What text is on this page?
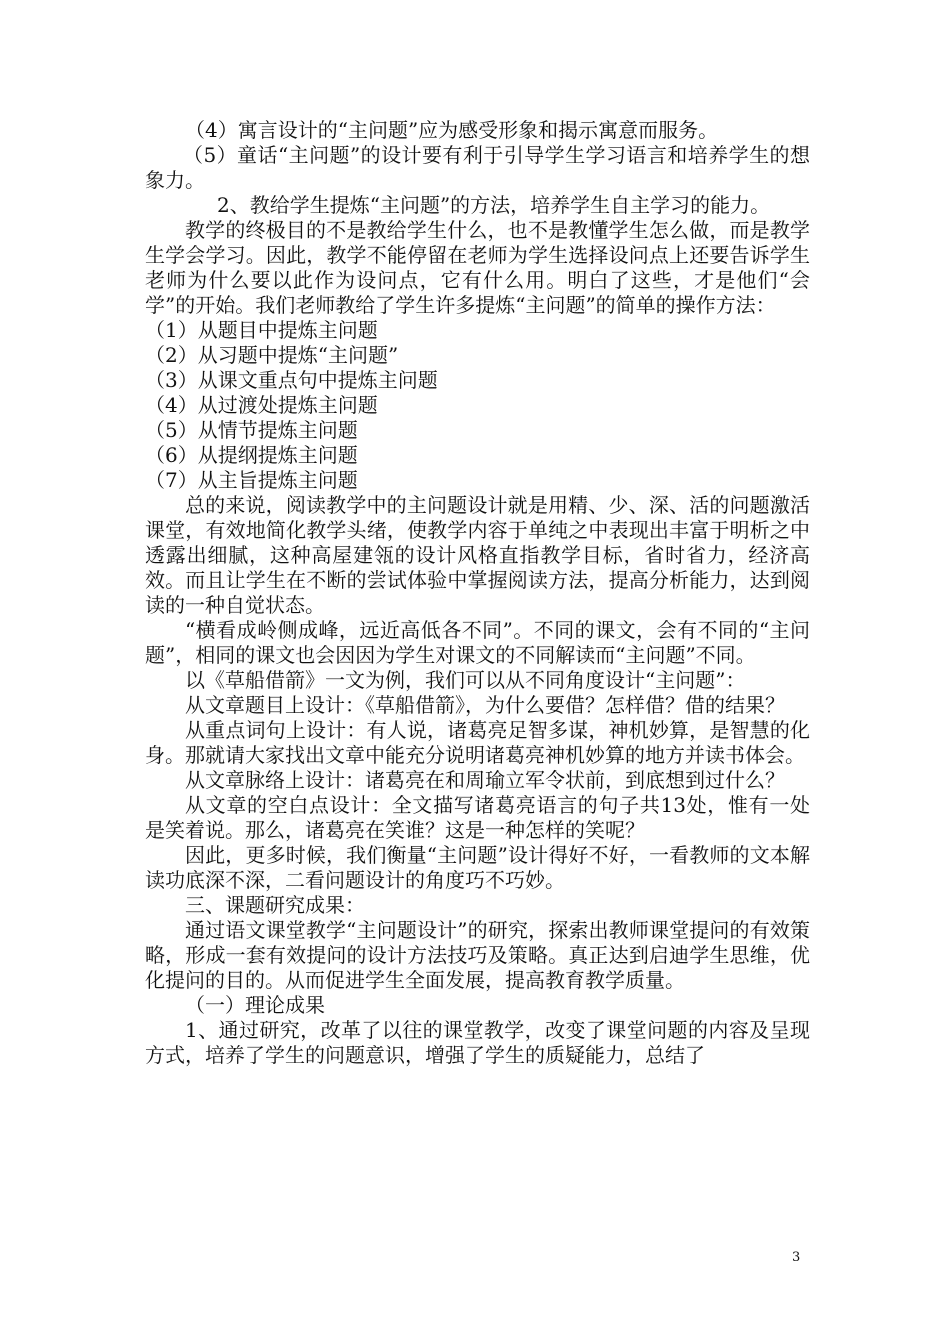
（4）寓言设计的“主问题”应为感受形象和揭示寓意而服务。

（5）童话“主问题”的设计要有利于引导学生学习语言和培养学生的想象力。

2、教给学生提炼“主问题”的方法，培养学生自主学习的能力。

教学的终极目的不是教给学生什么，也不是教懂学生怎么做，而是教学生学会学习。因此，教学不能停留在老师为学生选择设问点上还要告诉学生老师为什么要以此作为设问点，它有什么用。明白了这些，才是他们“会学”的开始。我们老师教给了学生许多提炼“主问题”的简单的操作方法：

（1）从题目中提炼主问题

（2）从习题中提炼“主问题”

（3）从课文重点句中提炼主问题

（4）从过渡处提炼主问题

（5）从情节提炼主问题

（6）从提纲提炼主问题

（7）从主旨提炼主问题

总的来说，阅读教学中的主问题设计就是用精、少、深、活的问题激活课堂，有效地简化教学头绪，使教学内容于单纯之中表现出丰富于明析之中透露出细腻，这种高屋建瓴的设计风格直指教学目标，省时省力，经济高效。而且让学生在不断的尝试体验中掌握阅读方法，提高分析能力，达到阅读的一种自觉状态。

“横看成岭侧成峰，远近高低各不同”。不同的课文，会有不同的“主问题”，相同的课文也会因因为学生对课文的不同解读而“主问题”不同。

以《草船借箭》一文为例，我们可以从不同角度设计“主问题”：

从文章题目上设计：《草船借箭》，为什么要借？怎样借？借的结果？

从重点词句上设计：有人说，诸葛亮足智多谋，神机妙算，是智慧的化身。那就请大家找出文章中能充分说明诸葛亮神机妙算的地方并读书体会。

从文章脉络上设计：诸葛亮在和周瑜立军令状前，到底想到过什么？

从文章的空白点设计：全文描写诸葛亮语言的句子共13处，惟有一处是笑着说。那么，诸葛亮在笑谁？这是一种怎样的笑呢？

因此，更多时候，我们衡量“主问题”设计得好不好，一看教师的文本解读功底深不深，二看问题设计的角度巧不巧妙。

三、课题研究成果：

通过语文课堂教学“主问题设计”的研究，探索出教师课堂提问的有效策略，形成一套有效提问的设计方法技巧及策略。真正达到启迪学生思维，优化提问的目的。从而促进学生全面发展，提高教育教学质量。

（一）理论成果

1、通过研究，改革了以往的课堂教学，改变了课堂问题的内容及呈现方式，培养了学生的问题意识，增强了学生的质疑能力，总结了

3
